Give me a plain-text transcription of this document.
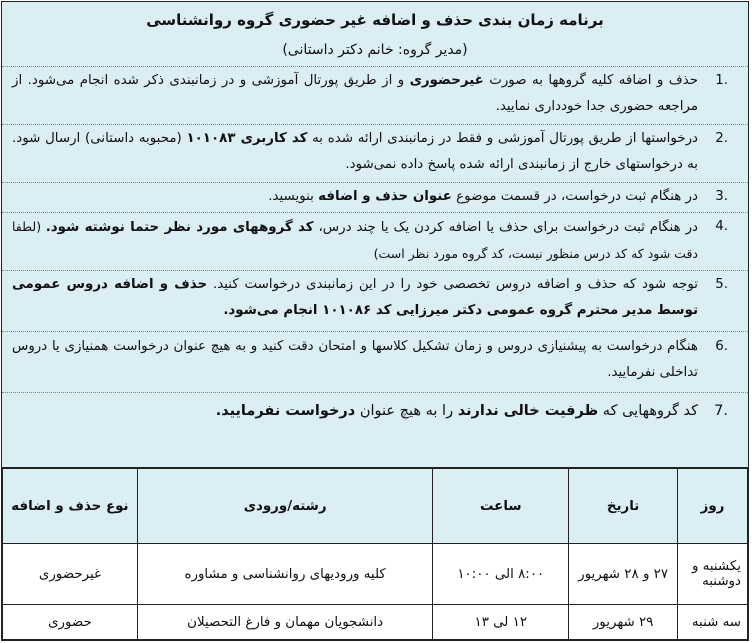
برنامه زمان بندی حذف و اضافه غیر حضوری گروه روانشناسی
(مدیر گروه: خانم دکتر داستانی)
.1
حذف و اضافه کلیه گروهها به صورت غیرحضوری و از طریق پورتال آموزشی و در زمانبندی ذکر شده انجام می‌شود. از مراجعه حضوری جدا خودداری نمایید.
.2
درخواستها از طریق پورتال آموزشی و فقط در زمانبندی ارائه شده به کد کاربری ۱۰۱۰۸۳ (محبوبه داستانی) ارسال شود. به درخواستهای خارج از زمانبندی ارائه شده پاسخ داده نمی‌شود.
.3
در هنگام ثبت درخواست، در قسمت موضوع عنوان حذف و اضافه بنویسید.
.4
در هنگام ثبت درخواست برای حذف یا اضافه کردن یک یا چند درس، کد گروههای مورد نظر حتما نوشته شود. (لطفا دقت شود که کد درس منظور نیست، کد گروه مورد نظر است)
.5
توجه شود که حذف و اضافه دروس تخصصی خود را در این زمانبندی درخواست کنید. حذف و اضافه دروس عمومی توسط مدیر محترم گروه عمومی دکتر میرزایی کد ۱۰۱۰۸۶ انجام می‌شود.
.6
هنگام درخواست به پیشنیازی دروس و زمان تشکیل کلاسها و امتحان دقت کنید و به هیچ عنوان درخواست همنیازی یا دروس تداخلی نفرمایید.
.7
کد گروههایی که ظرفیت خالی ندارند را به هیچ عنوان درخواست نفرمایید.
روز	تاریخ	ساعت	رشته/ورودی	نوع حذف و اضافه
یکشنبه و دوشنبه	۲۷ و ۲۸ شهریور	۸:۰۰ الی ۱۰:۰۰	کلیه ورودیهای روانشناسی و مشاوره	غیرحضوری
سه شنبه	۲۹ شهریور	۱۲ لی ۱۳	دانشجویان مهمان و فارغ التحصیلان	حضوری
